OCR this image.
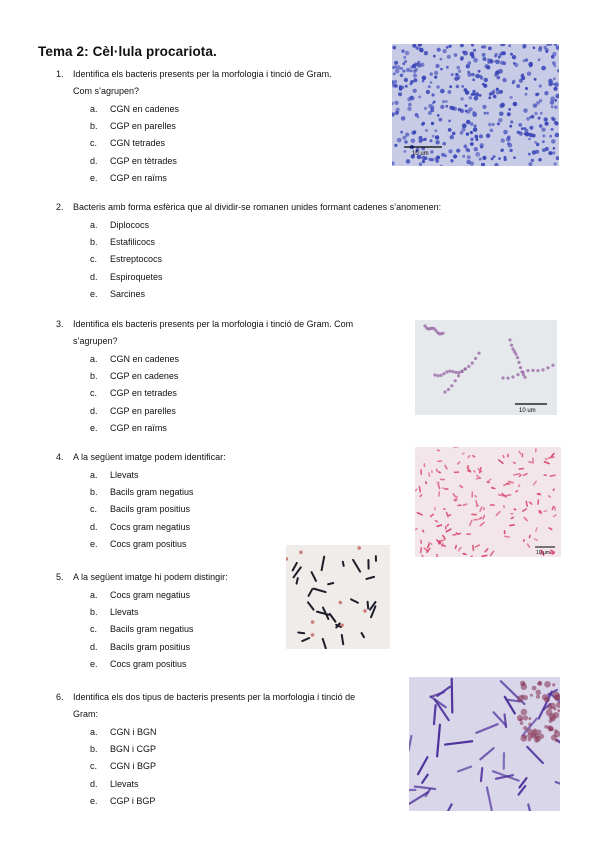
Tema 2: Cèl·lula procariota.
1.	Identifica els bacteris presents per la morfologia i tinció de Gram.
Com s’agrupen?
a.	CGN en cadenes
b.	CGP en parelles
c.	CGN tetrades
d.	CGP en tètrades
e.	CGP en raïms
2.	Bacteris amb forma esfèrica que al dividir-se romanen unides formant cadenes s’anomenen:
a.	Diplococs
b.	Estafilicocs
c.	Estreptococs
d.	Espiroquetes
e.	Sarcines
3.	Identifica els bacteris presents per la morfologia i tinció de Gram. Com
s’agrupen?
a.	CGN en cadenes
b.	CGP en cadenes
c.	CGP en tetrades
d.	CGP en parelles
e.	CGP en raïms
4.	A la següent imatge podem identificar:
a.	Llevats
b.	Bacils gram negatius
c.	Bacils gram positius
d.	Cocs gram negatius
e.	Cocs gram positius
5.	A la següent imatge hi podem distingir:
a.	Cocs gram negatius
b.	Llevats
c.	Bacils gram negatius
d.	Bacils gram positius
e.	Cocs gram positius
6.	Identifica els dos tipus de bacteris presents per la morfologia i tinció de
Gram:
a.	CGN i BGN
b.	BGN i CGP
c.	CGN i BGP
d.	Llevats
e.	CGP i BGP
10 um
10 um
10 µm
